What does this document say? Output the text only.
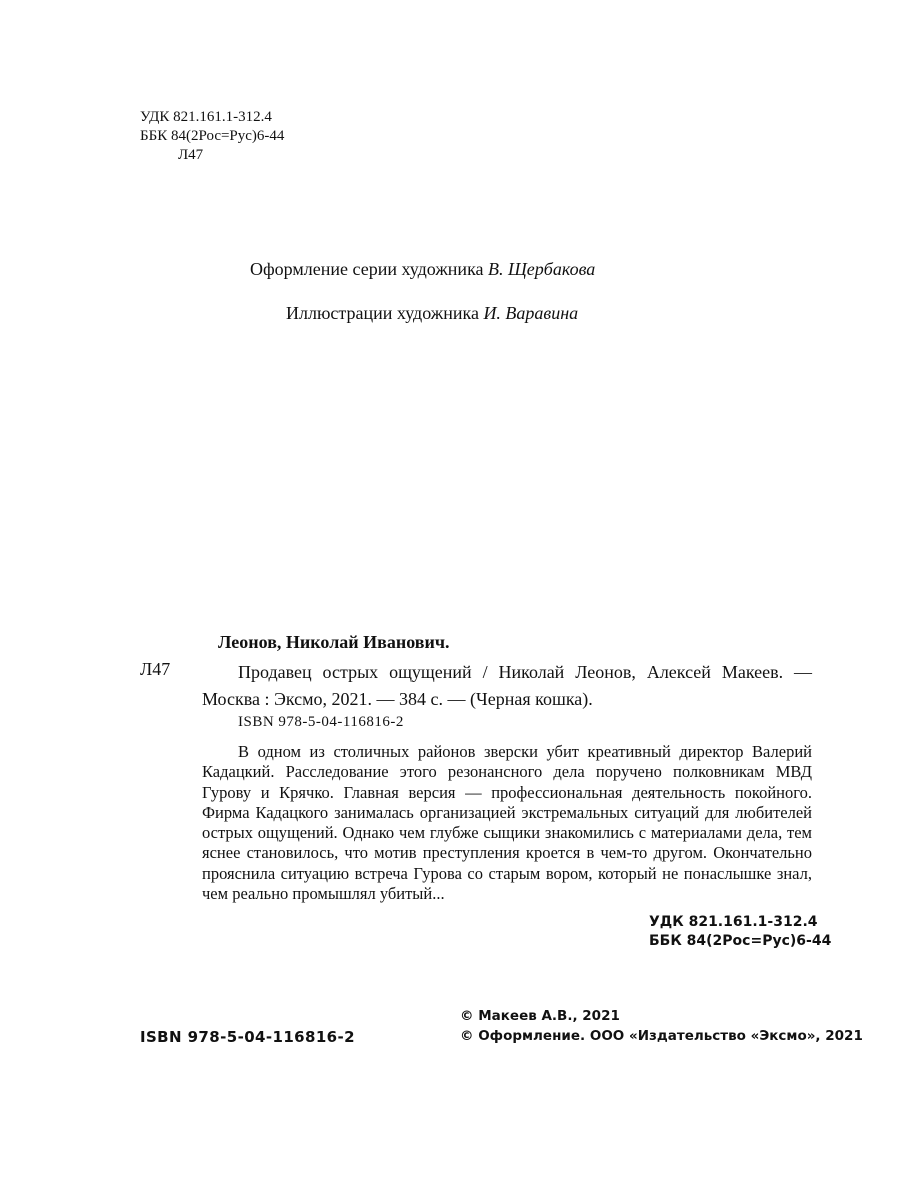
УДК 821.161.1-312.4
ББК 84(2Рос=Рус)6-44
Л47
Оформление серии художника В. Щербакова
Иллюстрации художника И. Варавина
Леонов, Николай Иванович.
Л47	Продавец острых ощущений / Николай Леонов, Алексей Макеев. — Москва : Эксмо, 2021. — 384 с. — (Черная кошка).
ISBN 978-5-04-116816-2
В одном из столичных районов зверски убит креативный директор Валерий Кадацкий. Расследование этого резонансного дела поручено полковникам МВД Гурову и Крячко. Главная версия — профессиональная деятельность покойного. Фирма Кадацкого занималась организацией экстремальных ситуаций для любителей острых ощущений. Однако чем глубже сыщики знакомились с материалами дела, тем яснее становилось, что мотив преступления кроется в чем-то другом. Окончательно прояснила ситуацию встреча Гурова со старым вором, который не понаслышке знал, чем реально промышлял убитый...
УДК 821.161.1-312.4
ББК 84(2Рос=Рус)6-44
© Макеев А.В., 2021
© Оформление. ООО «Издательство «Эксмо», 2021
ISBN 978-5-04-116816-2
